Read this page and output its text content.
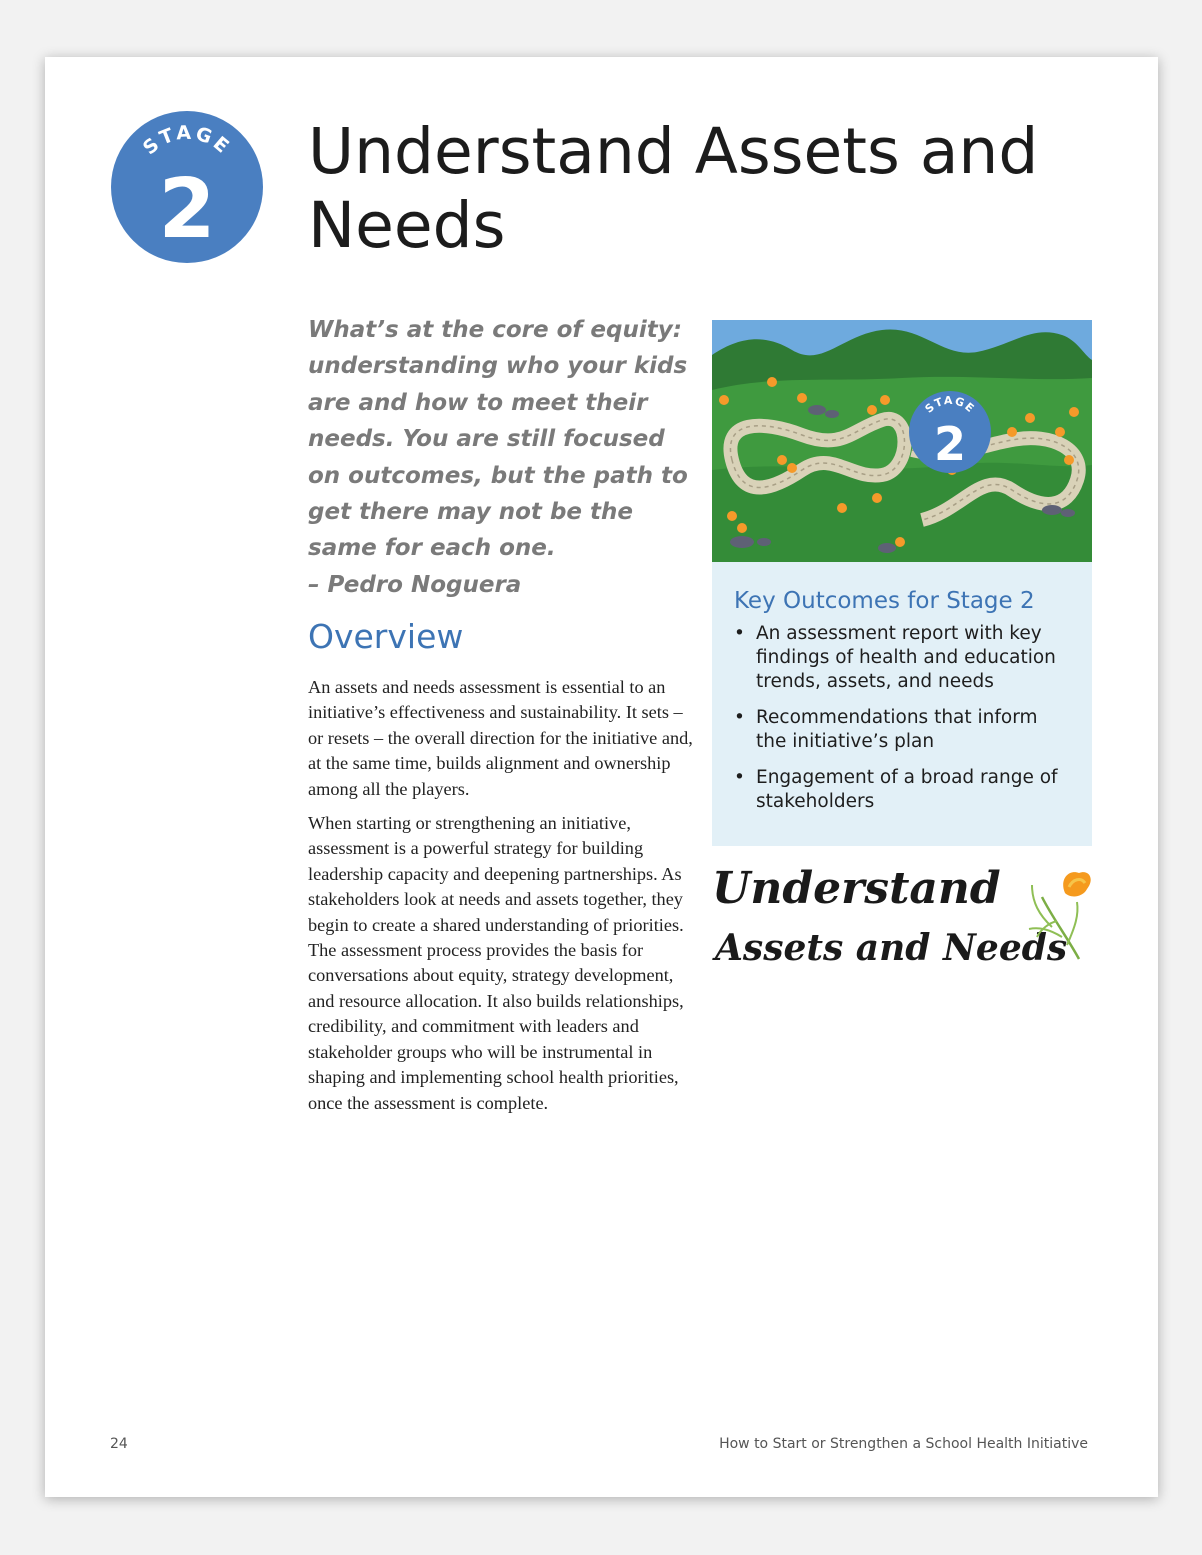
STAGE
2
Understand Assets and Needs
What’s at the core of equity: understanding who your kids are and how to meet their needs. You are still focused on outcomes, but the path to get there may not be the same for each one.
– Pedro Noguera
Overview

An assets and needs assessment is essential to an initiative’s effectiveness and sustainability. It sets – or resets – the overall direction for the initiative and, at the same time, builds alignment and ownership among all the players.

When starting or strengthening an initiative, assessment is a powerful strategy for building leadership capacity and deepening partnerships. As stakeholders look at needs and assets together, they begin to create a shared understanding of priorities. The assessment process provides the basis for conversations about equity, strategy development, and resource allocation. It also builds relationships, credibility, and commitment with leaders and stakeholder groups who will be instrumental in shaping and implementing school health priorities, once the assessment is complete.

STAGE
2
Key Outcomes for Stage 2
• An assessment report with key findings of health and education trends, assets, and needs
• Recommendations that inform the initiative’s plan
• Engagement of a broad range of stakeholders
Understand
Assets and Needs
24	How to Start or Strengthen a School Health Initiative
